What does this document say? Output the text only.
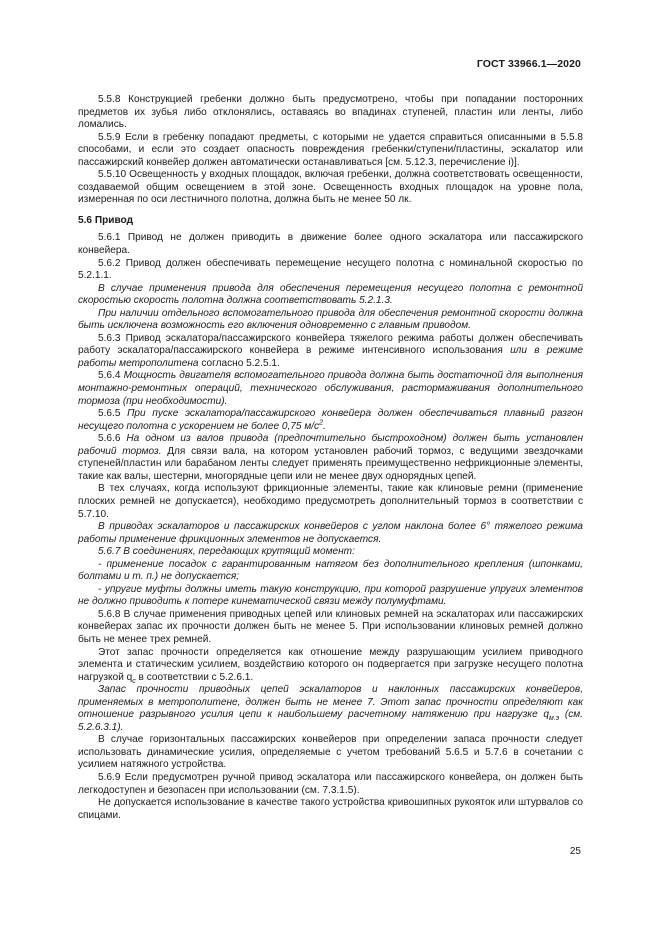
ГОСТ 33966.1—2020

5.5.8 Конструкцией гребенки должно быть предусмотрено, чтобы при попадании посторонних предметов их зубья либо отклонялись, оставаясь во впадинах ступеней, пластин или ленты, либо ломались.

5.5.9 Если в гребенку попадают предметы, с которыми не удается справиться описанными в 5.5.8 способами, и если это создает опасность повреждения гребенки/ступени/пластины, эскалатор или пассажирский конвейер должен автоматически останавливаться [см. 5.12.3, перечисление i)].

5.5.10 Освещенность у входных площадок, включая гребенки, должна соответствовать освещенности, создаваемой общим освещением в этой зоне. Освещенность входных площадок на уровне пола, измеренная по оси лестничного полотна, должна быть не менее 50 лк.

5.6 Привод

5.6.1 Привод не должен приводить в движение более одного эскалатора или пассажирского конвейера.

5.6.2 Привод должен обеспечивать перемещение несущего полотна с номинальной скоростью по 5.2.1.1.

В случае применения привода для обеспечения перемещения несущего полотна с ремонтной скоростью скорость полотна должна соответствовать 5.2.1.3.

При наличии отдельного вспомогательного привода для обеспечения ремонтной скорости должна быть исключена возможность его включения одновременно с главным приводом.

5.6.3 Привод эскалатора/пассажирского конвейера тяжелого режима работы должен обеспечивать работу эскалатора/пассажирского конвейера в режиме интенсивного использования или в режиме работы метрополитена согласно 5.2.5.1.

5.6.4 Мощность двигателя вспомогательного привода должна быть достаточной для выполнения монтажно-ремонтных операций, технического обслуживания, растормаживания дополнительного тормоза (при необходимости).

5.6.5 При пуске эскалатора/пассажирского конвейера должен обеспечиваться плавный разгон несущего полотна с ускорением не более 0,75 $м/с^2$.

5.6.6 На одном из валов привода (предпочтительно быстроходном) должен быть установлен рабочий тормоз. Для связи вала, на котором установлен рабочий тормоз, с ведущими звездочками ступеней/пластин или барабаном ленты следует применять преимущественно нефрикционные элементы, такие как валы, шестерни, многорядные цепи или не менее двух однорядных цепей.

В тех случаях, когда используют фрикционные элементы, такие как клиновые ремни (применение плоских ремней не допускается), необходимо предусмотреть дополнительный тормоз в соответствии с 5.7.10.

В приводах эскалаторов и пассажирских конвейеров с углом наклона более 6° тяжелого режима работы применение фрикционных элементов не допускается.

5.6.7 В соединениях, передающих крутящий момент:

- применение посадок с гарантированным натягом без дополнительного крепления (шпонками, болтами и т. п.) не допускается;

- упругие муфты должны иметь такую конструкцию, при которой разрушение упругих элементов не должно приводить к потере кинематической связи между полумуфтами.

5.6.8 В случае применения приводных цепей или клиновых ремней на эскалаторах или пассажирских конвейерах запас их прочности должен быть не менее 5. При использовании клиновых ремней должно быть не менее трех ремней.

Этот запас прочности определяется как отношение между разрушающим усилием приводного элемента и статическим усилием, воздействию которого он подвергается при загрузке несущего полотна нагрузкой $q_с$ в соответствии с 5.2.6.1.

Запас прочности приводных цепей эскалаторов и наклонных пассажирских конвейеров, применяемых в метрополитене, должен быть не менее 7. Этот запас прочности определяют как отношение разрывного усилия цепи к наибольшему расчетному натяжению при нагрузке $q_{м.э}$ (см. 5.2.6.3.1).

В случае горизонтальных пассажирских конвейеров при определении запаса прочности следует использовать динамические усилия, определяемые с учетом требований 5.6.5 и 5.7.6 в сочетании с усилием натяжного устройства.

5.6.9 Если предусмотрен ручной привод эскалатора или пассажирского конвейера, он должен быть легкодоступен и безопасен при использовании (см. 7.3.1.5).

Не допускается использование в качестве такого устройства кривошипных рукояток или штурвалов со спицами.

25
